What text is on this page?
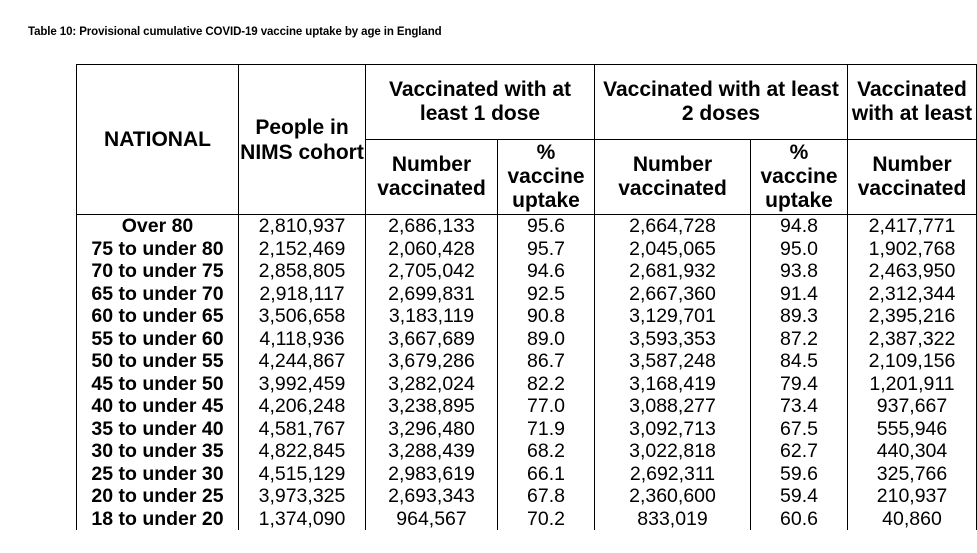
Table 10: Provisional cumulative COVID-19 vaccine uptake by age in England
NATIONAL	People in NIMS cohort	Vaccinated with at least 1 dose		Vaccinated with at least 2 doses		Vaccinated with at least
		Number vaccinated	% vaccine uptake	Number vaccinated	% vaccine uptake	Number vaccinated
Over 80	2,810,937	2,686,133	95.6	2,664,728	94.8	2,417,771
75 to under 80	2,152,469	2,060,428	95.7	2,045,065	95.0	1,902,768
70 to under 75	2,858,805	2,705,042	94.6	2,681,932	93.8	2,463,950
65 to under 70	2,918,117	2,699,831	92.5	2,667,360	91.4	2,312,344
60 to under 65	3,506,658	3,183,119	90.8	3,129,701	89.3	2,395,216
55 to under 60	4,118,936	3,667,689	89.0	3,593,353	87.2	2,387,322
50 to under 55	4,244,867	3,679,286	86.7	3,587,248	84.5	2,109,156
45 to under 50	3,992,459	3,282,024	82.2	3,168,419	79.4	1,201,911
40 to under 45	4,206,248	3,238,895	77.0	3,088,277	73.4	937,667
35 to under 40	4,581,767	3,296,480	71.9	3,092,713	67.5	555,946
30 to under 35	4,822,845	3,288,439	68.2	3,022,818	62.7	440,304
25 to under 30	4,515,129	2,983,619	66.1	2,692,311	59.6	325,766
20 to under 25	3,973,325	2,693,343	67.8	2,360,600	59.4	210,937
18 to under 20	1,374,090	964,567	70.2	833,019	60.6	40,860
